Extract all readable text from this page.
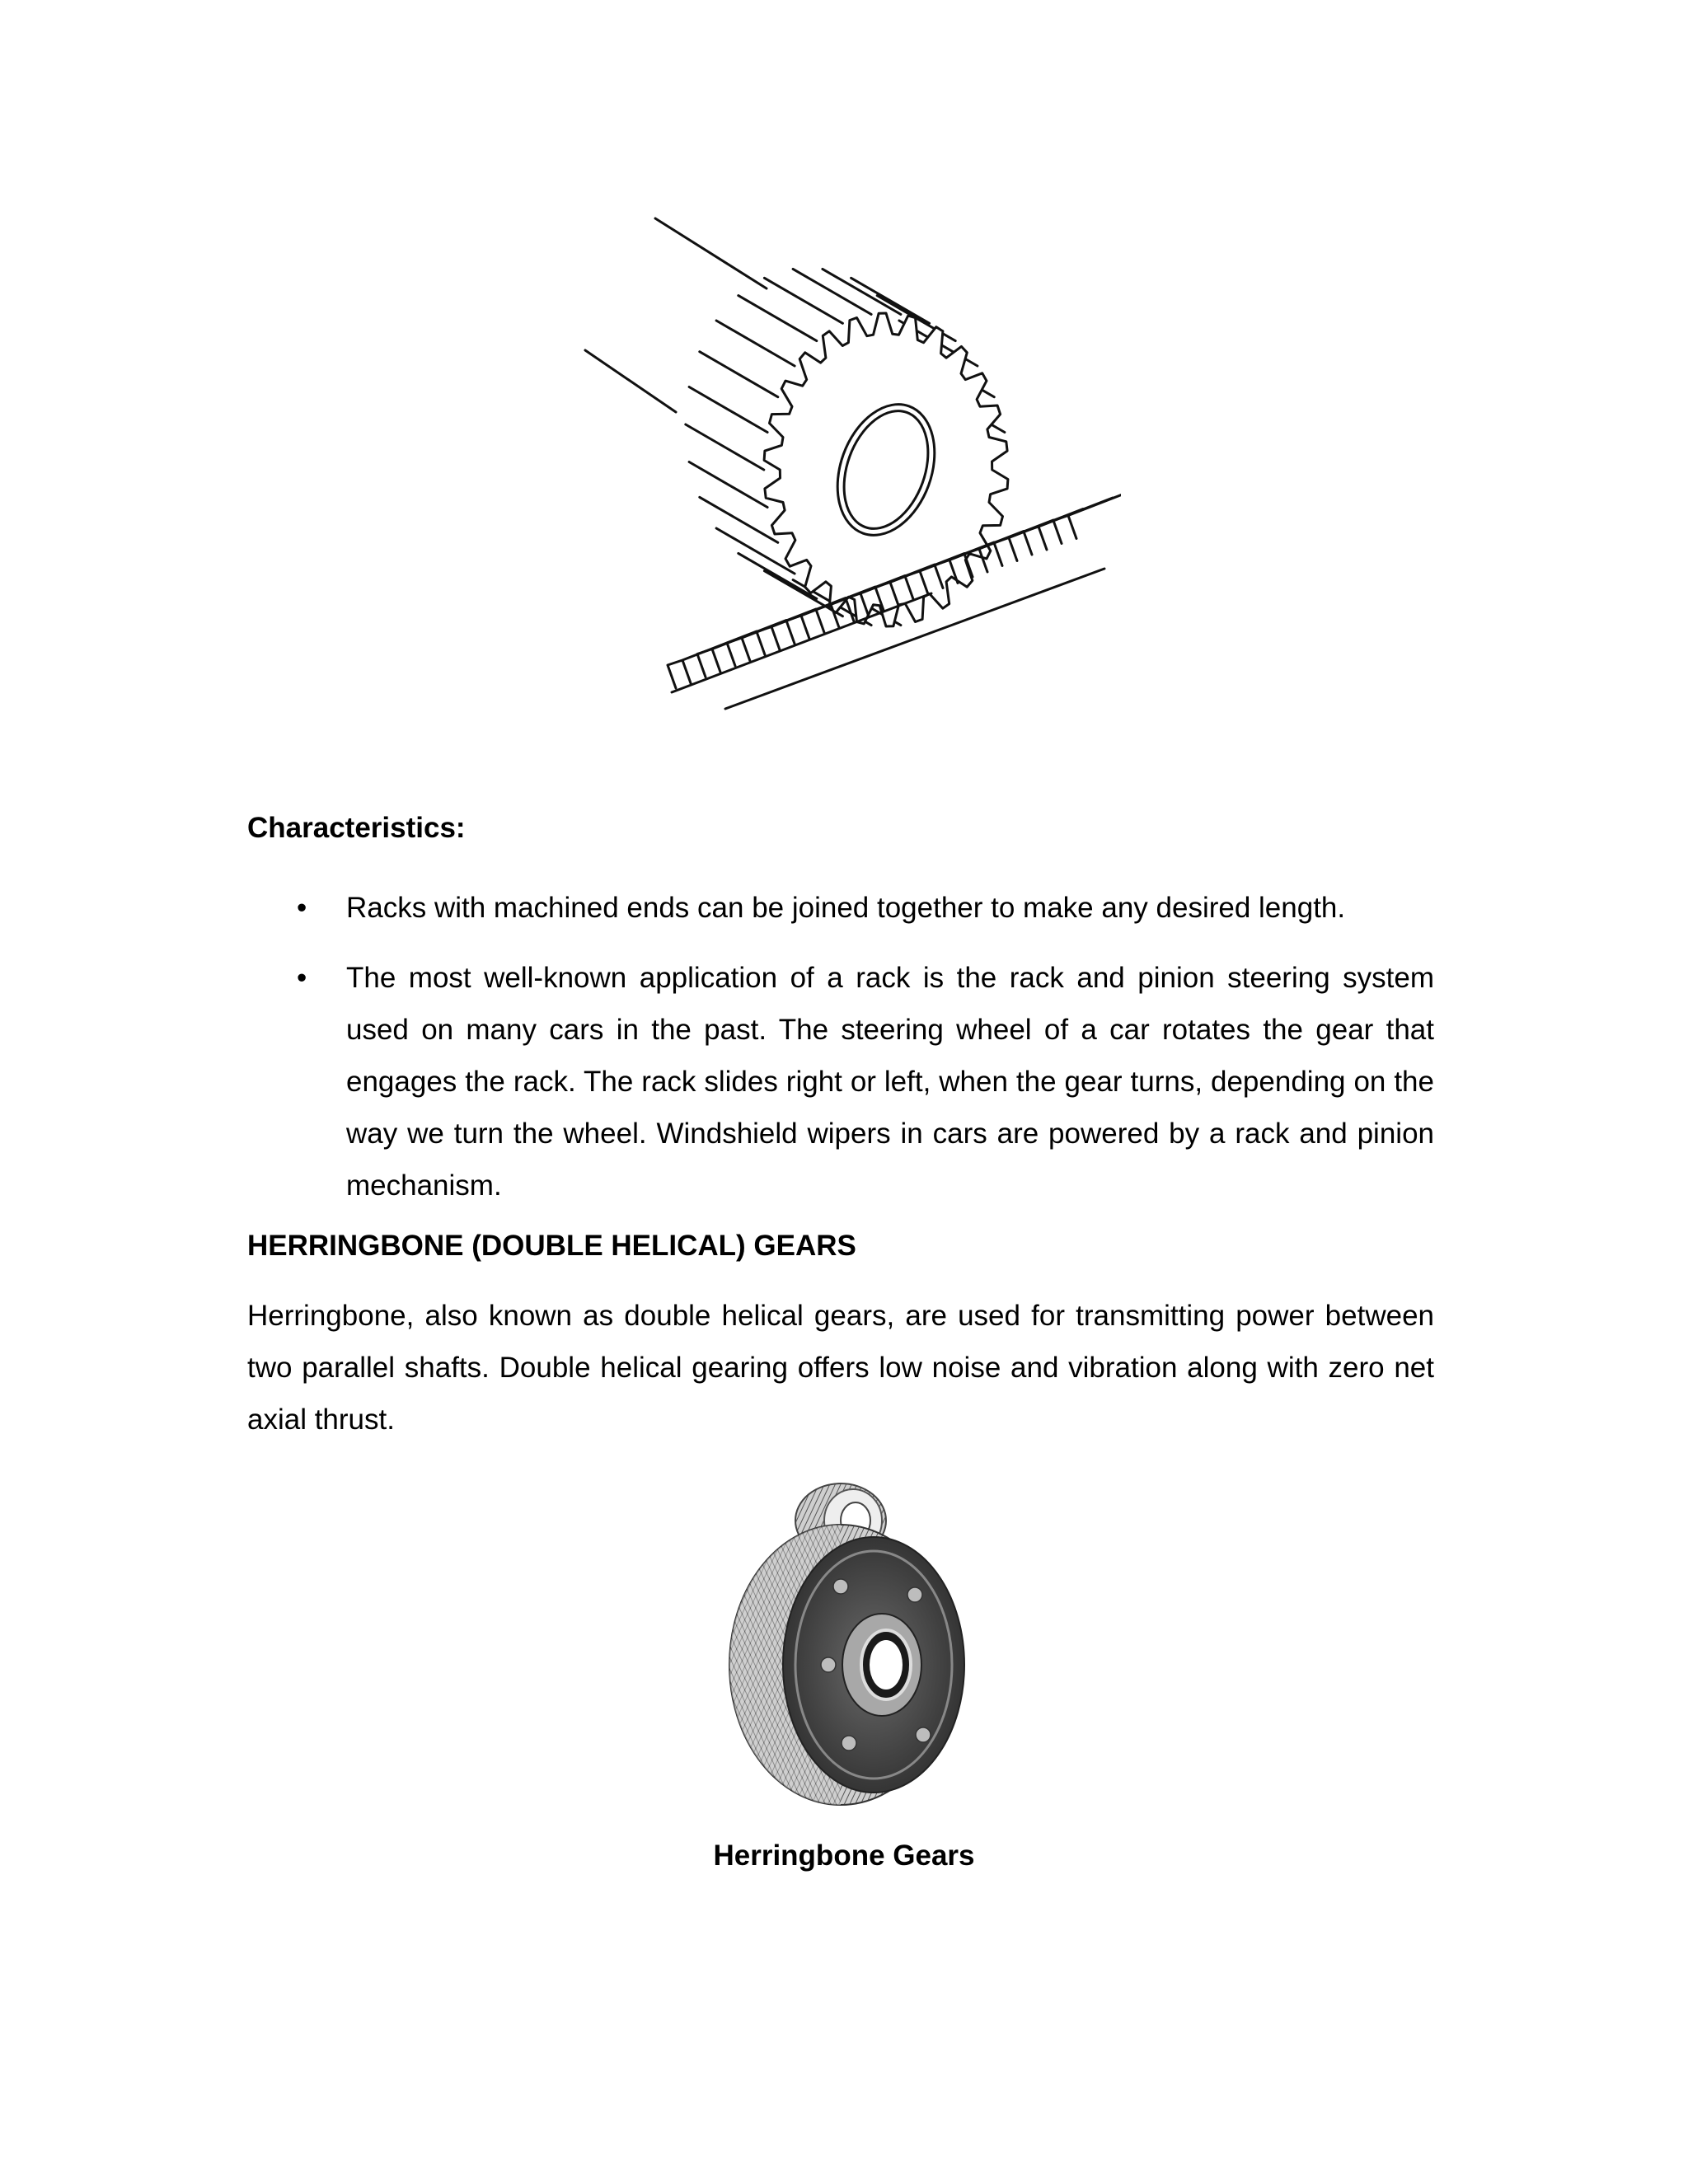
Characteristics:
• Racks with machined ends can be joined together to make any desired length.
• The most well-known application of a rack is the rack and pinion steering system used on many cars in the past. The steering wheel of a car rotates the gear that engages the rack. The rack slides right or left, when the gear turns, depending on the way we turn the wheel. Windshield wipers in cars are powered by a rack and pinion mechanism.
HERRINGBONE (DOUBLE HELICAL) GEARS

Herringbone, also known as double helical gears, are used for transmitting power between two parallel shafts. Double helical gearing offers low noise and vibration along with zero net axial thrust.

Herringbone Gears
